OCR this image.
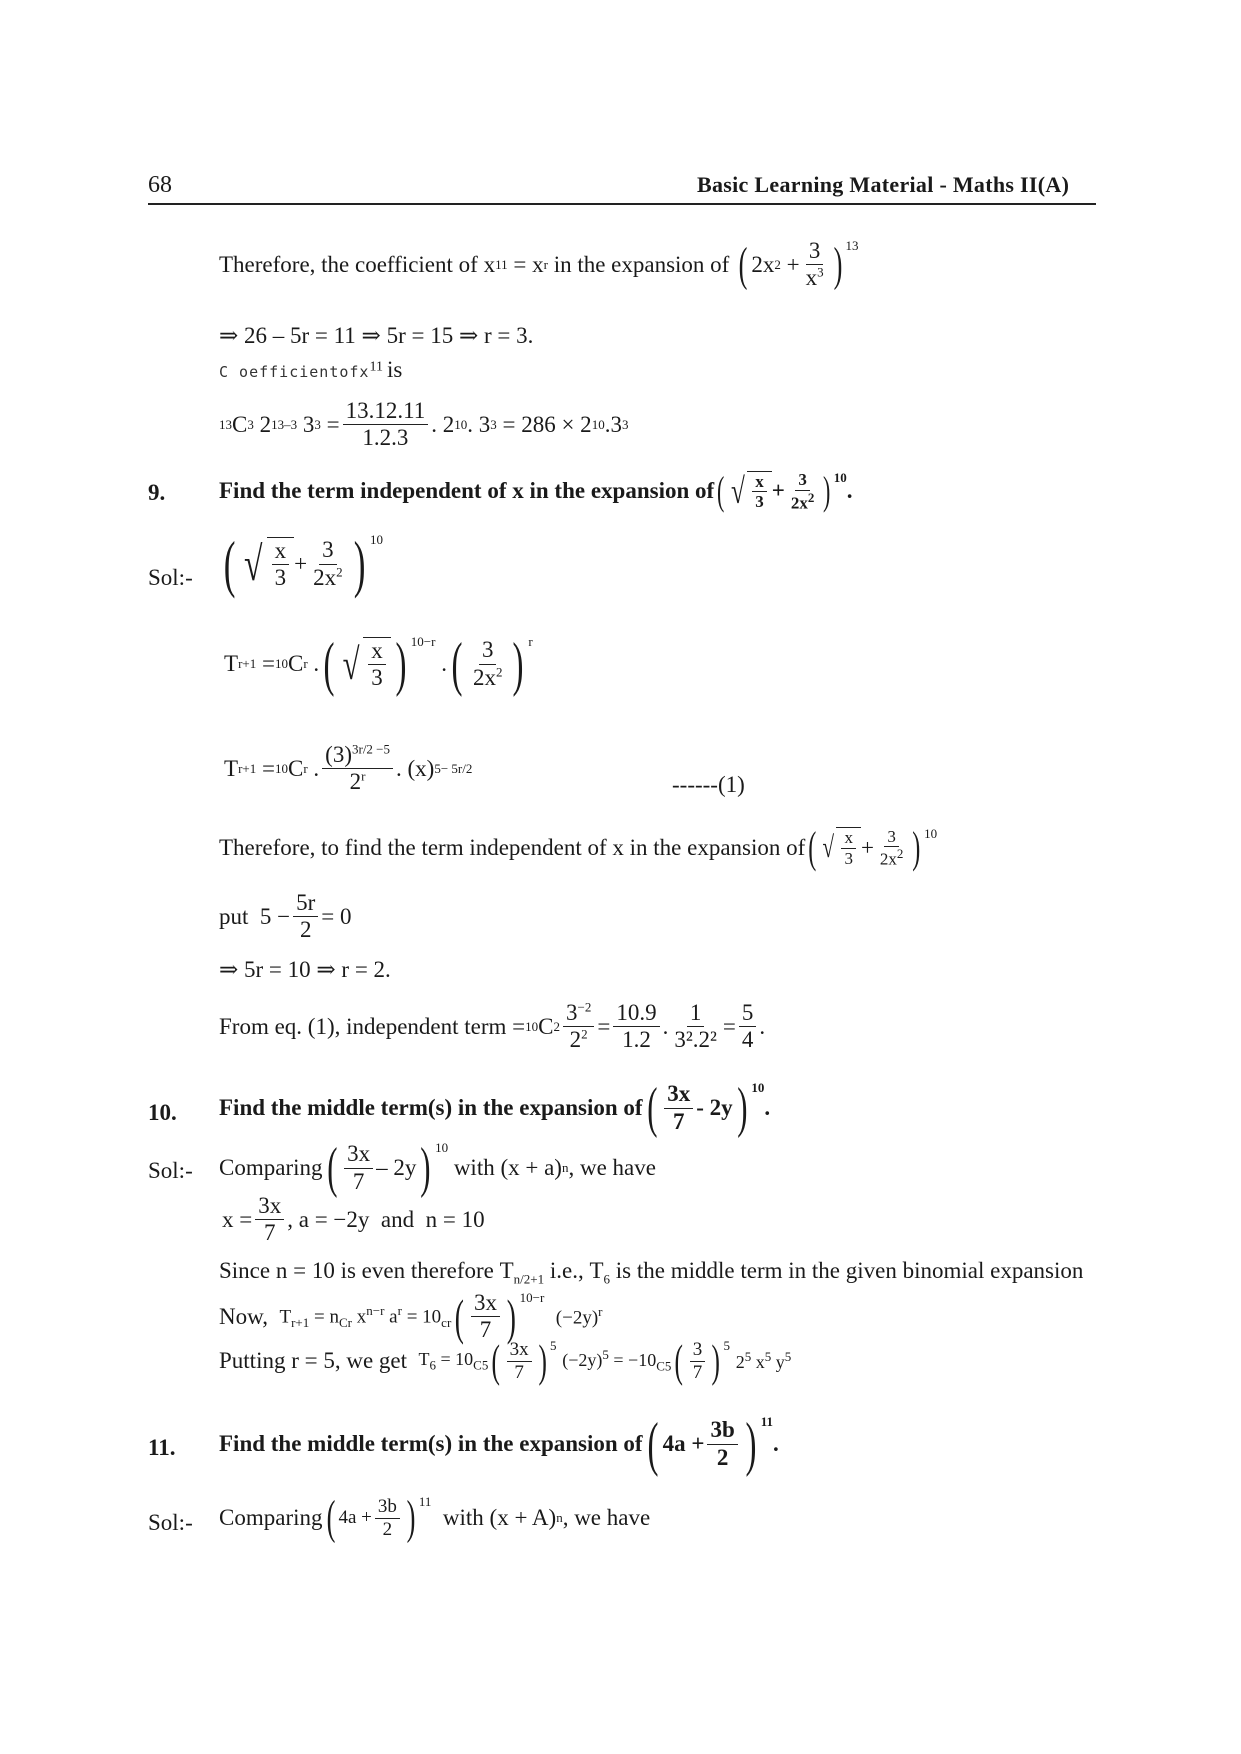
68	Basic Learning Material - Maths II(A)
Therefore, the coefficient of x 11
= x r
in the expansion of ( 2x 2
+ $\frac{3}{x^3}$ ) 13
⇒ 26 – 5r = 11 ⇒ 5r = 15 ⇒ r = 3.
C oefficientofx11 is
13 C 3
2 13–3
3 3
= $\frac{13.12.11}{1.2.3}$ . 2 10 . 3 3
= 286 × 2 10 .3 3
9. Find the term independent of x in the expansion of ( √ $\frac{x}{3} + \frac{3}{2x^2}$ ) 10
.
Sol:- ( √ $\frac{x}{3} + \frac{3}{2x^2}$ ) 10
T r+1
= 10 C r
. ( √ $\frac{x}{3}$ ) 10−r

. ( 3
$2x^2$ ) r
T r+1
= 10 C r
.
$(3)^{3r/2 -5}$
2$^r$ . (x) 5− 5r/2
------(1)
Therefore, to find the term independent of x in the expansion of ( √ $\frac{x}{3} + \frac{3}{2x^2}$ ) 10
put
$5 - \frac{5r}{2} = 0$
⇒ 5r = 10 ⇒ r = 2.
From eq. (1), independent term = 10 C $2 \frac{3^{-2}}{2^2} = \frac{10.9}{1.2}$ . $\frac{1}{\text{3².2²}} = \frac{5}{4}$ .
10. Find the middle term(s) in the expansion of ( 3x
7
- 2y ) 10
.
Sol:- Comparing ( 3x
7
– 2y ) 10

with
(x + a) n , we have
$x = \frac{3x}{7}$ , a = −2y
and
n = 10
Since n = 10 is even therefore $T_{n/2+1}$ i.e., $T_6$ is the middle term in the given binomial expansion
Now,
$T_{r+1} = n_{Cr}$ $x^{n-r}$ $a^r = 10_{cr}$ ( 3x
7 ) 10−r

$(-2y)^r$
Putting r = 5, we get
$T_6 = 10_{C5}$ ( 3x
7 ) 5

$(-2y)^5 = -10_{C5}$ ( 3
7 ) 5

$2^5$ $x^5$ $y^5$
11. Find the middle term(s) in the expansion of ( $4a + \frac{3b}{2}$ ) 11
.
Sol:- Comparing ( $4a + \frac{3b}{2}$ ) 11

with
(x + A) n , we have
